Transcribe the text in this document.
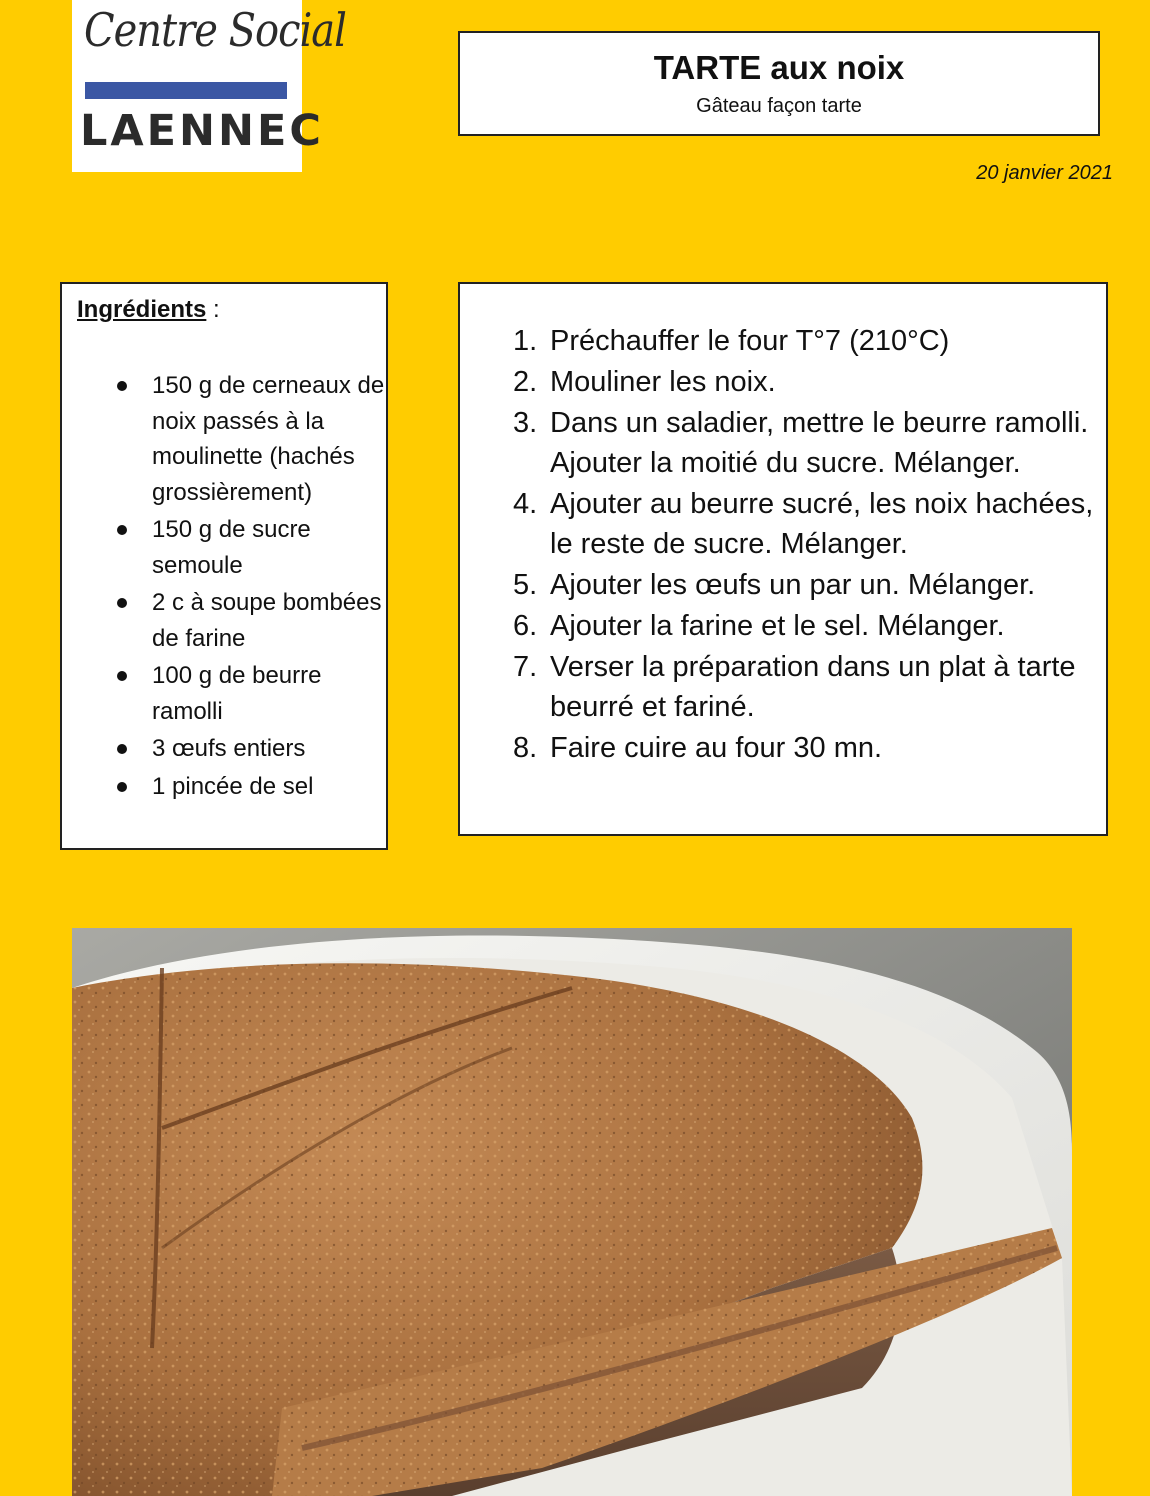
Centre Social
LAENNEC
TARTE aux noix
Gâteau façon tarte
20 janvier 2021
Ingrédients :
150 g de cerneaux de noix passés à la moulinette (hachés grossièrement)
150 g de sucre semoule
2 c à soupe bombées de farine
100 g de beurre ramolli
3 œufs entiers
1 pincée de sel
1. Préchauffer le four T°7 (210°C)
2. Mouliner les noix.
3. Dans un saladier, mettre le beurre ramolli. Ajouter la moitié du sucre. Mélanger.
4. Ajouter au beurre sucré, les noix hachées, le reste de sucre. Mélanger.
5. Ajouter les œufs un par un. Mélanger.
6. Ajouter la farine et le sel. Mélanger.
7. Verser la préparation dans un plat à tarte beurré et fariné.
8. Faire cuire au four 30 mn.
